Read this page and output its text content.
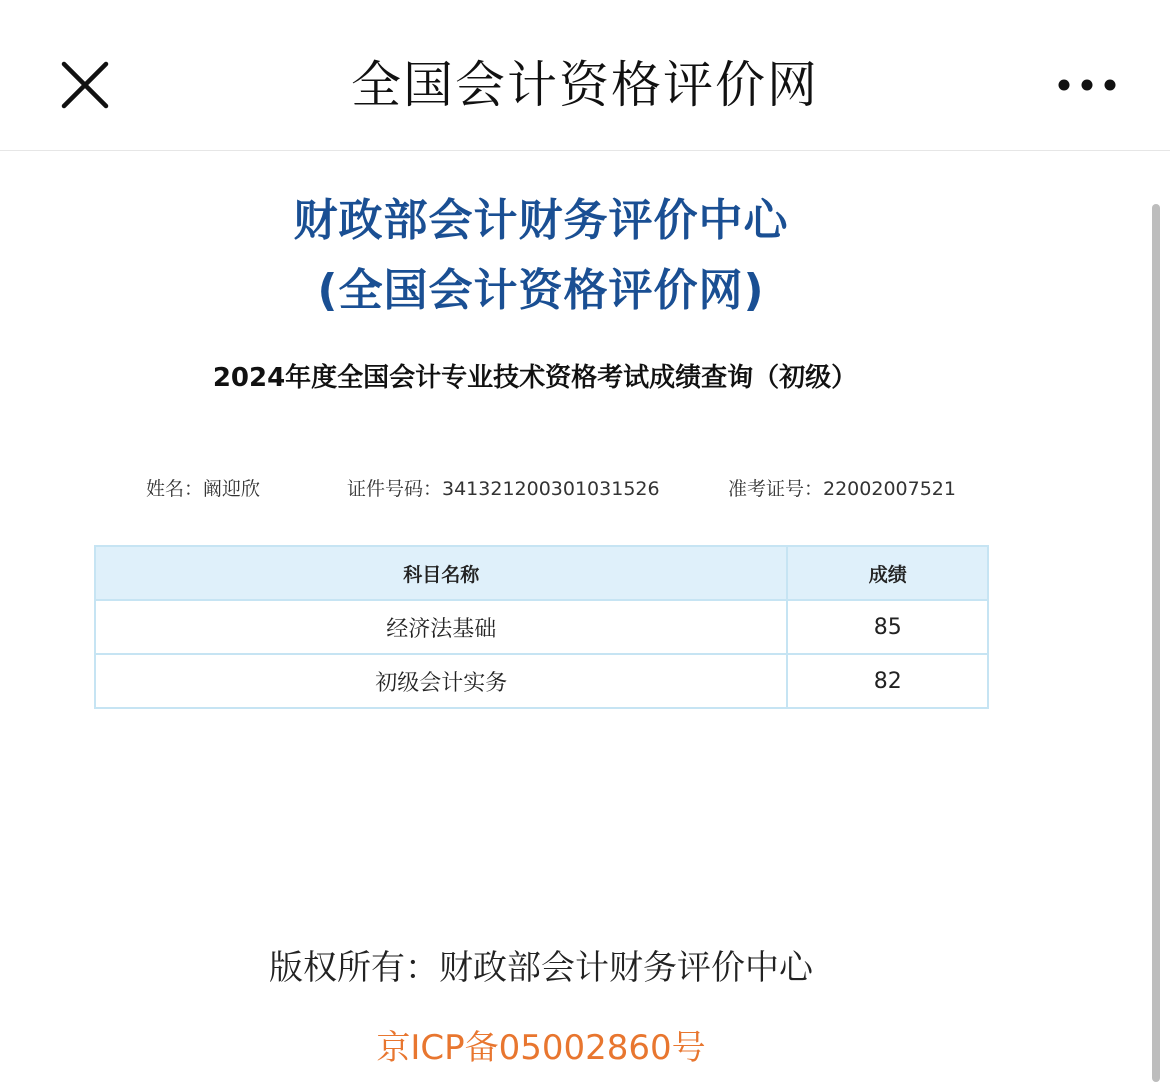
全国会计资格评价网
财政部会计财务评价中心
(全国会计资格评价网)
2024年度全国会计专业技术资格考试成绩查询（初级）
姓名：阚迎欣	证件号码：341321200301031526	准考证号：22002007521
科目名称	成绩
经济法基础	85
初级会计实务	82
版权所有：财政部会计财务评价中心
京ICP备05002860号
